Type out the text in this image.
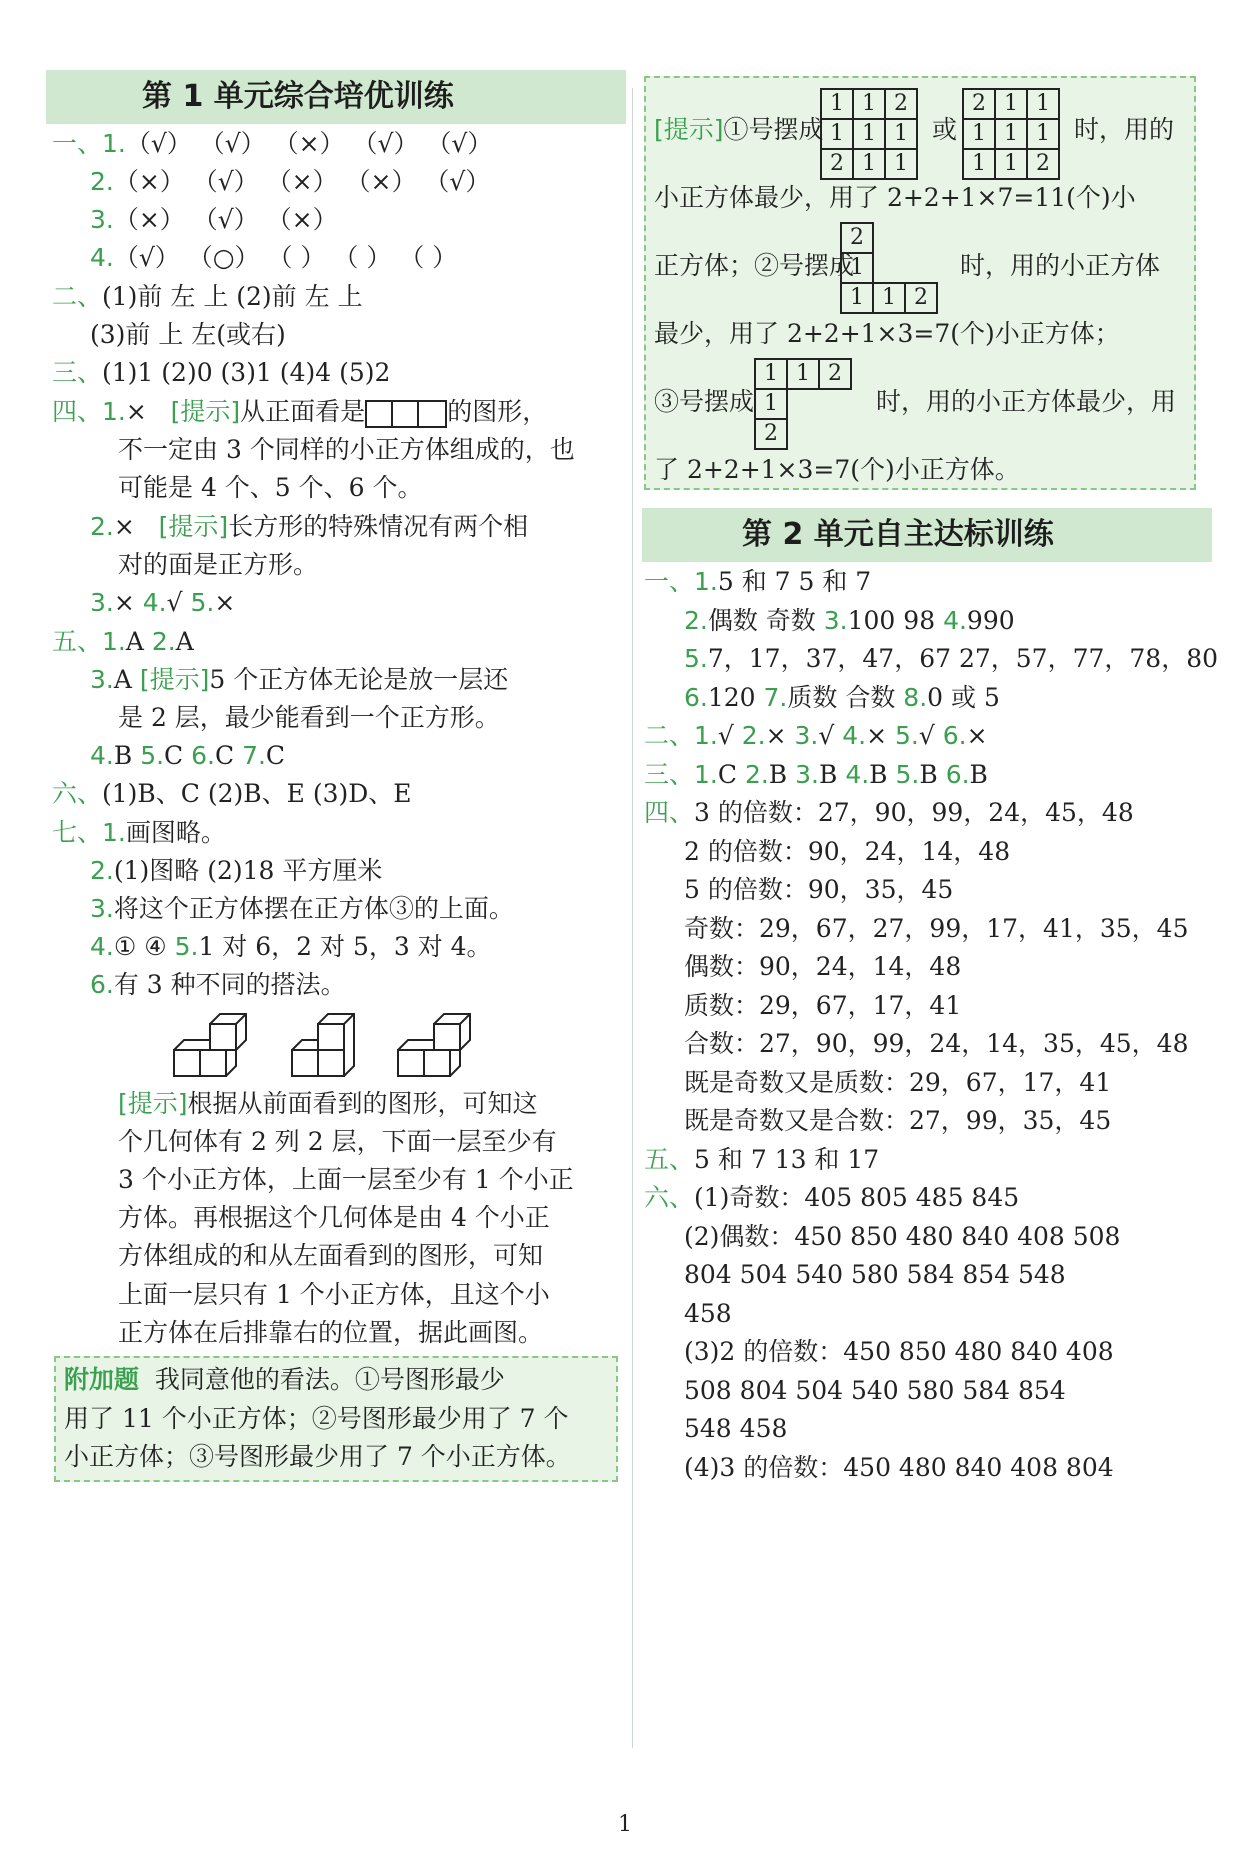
第 1 单元综合培优训练
一、1.（√） （√） （×） （√） （√）
2.（×） （√） （×） （×） （√）
3.（×） （√） （×）
4.（√） （○） （ ） （ ） （ ）
二、(1)前 左 上 (2)前 左 上
(3)前 上 左(或右)
三、(1)1 (2)0 (3)1 (4)4 (5)2
四、1.× [提示]从正面看是	的图形，
不一定由 3 个同样的小正方体组成的，也
可能是 4 个、5 个、6 个。
2.× [提示]长方形的特殊情况有两个相
对的面是正方形。
3.× 4.√ 5.×
五、1.A 2.A
3.A [提示]5 个正方体无论是放一层还
是 2 层，最少能看到一个正方形。
4.B 5.C 6.C 7.C
六、(1)B、C (2)B、E (3)D、E
七、1.画图略。
2.(1)图略 (2)18 平方厘米
3.将这个正方体摆在正方体③的上面。
4.① ④ 5.1 对 6，2 对 5，3 对 4。
6.有 3 种不同的搭法。
[提示]根据从前面看到的图形，可知这
个几何体有 2 列 2 层，下面一层至少有
3 个小正方体，上面一层至少有 1 个小正
方体。再根据这个几何体是由 4 个小正
方体组成的和从左面看到的图形，可知
上面一层只有 1 个小正方体，且这个小
正方体在后排靠右的位置，据此画图。
附加题 我同意他的看法。①号图形最少
用了 11 个小正方体；②号图形最少用了 7 个
小正方体；③号图形最少用了 7 个小正方体。
[提示]①号摆成
1	1	2
1	1	1
2	1	1
或
2	1	1
1	1	1
1	1	2
时，用的
小正方体最少，用了 2+2+1×7=11(个)小
正方体；②号摆成
2		
1		
1	1	2
时，用的小正方体
最少，用了 2+2+1×3=7(个)小正方体；
③号摆成
1	1	2
1		
2		
时，用的小正方体最少，用
了 2+2+1×3=7(个)小正方体。
第 2 单元自主达标训练
一、1.5 和 7 5 和 7
2.偶数 奇数 3.100 98 4.990
5.7，17，37，47，67 27，57，77，78，80
6.120 7.质数 合数 8.0 或 5
二、1.√ 2.× 3.√ 4.× 5.√ 6.×
三、1.C 2.B 3.B 4.B 5.B 6.B
四、3 的倍数：27，90，99，24，45，48
2 的倍数：90，24，14，48
5 的倍数：90，35，45
奇数：29，67，27，99，17，41，35，45
偶数：90，24，14，48
质数：29，67，17，41
合数：27，90，99，24，14，35，45，48
既是奇数又是质数：29，67，17，41
既是奇数又是合数：27，99，35，45
五、5 和 7 13 和 17
六、(1)奇数：405 805 485 845
(2)偶数：450 850 480 840 408 508
804 504 540 580 584 854 548
458
(3)2 的倍数：450 850 480 840 408
508 804 504 540 580 584 854
548 458
(4)3 的倍数：450 480 840 408 804
1
